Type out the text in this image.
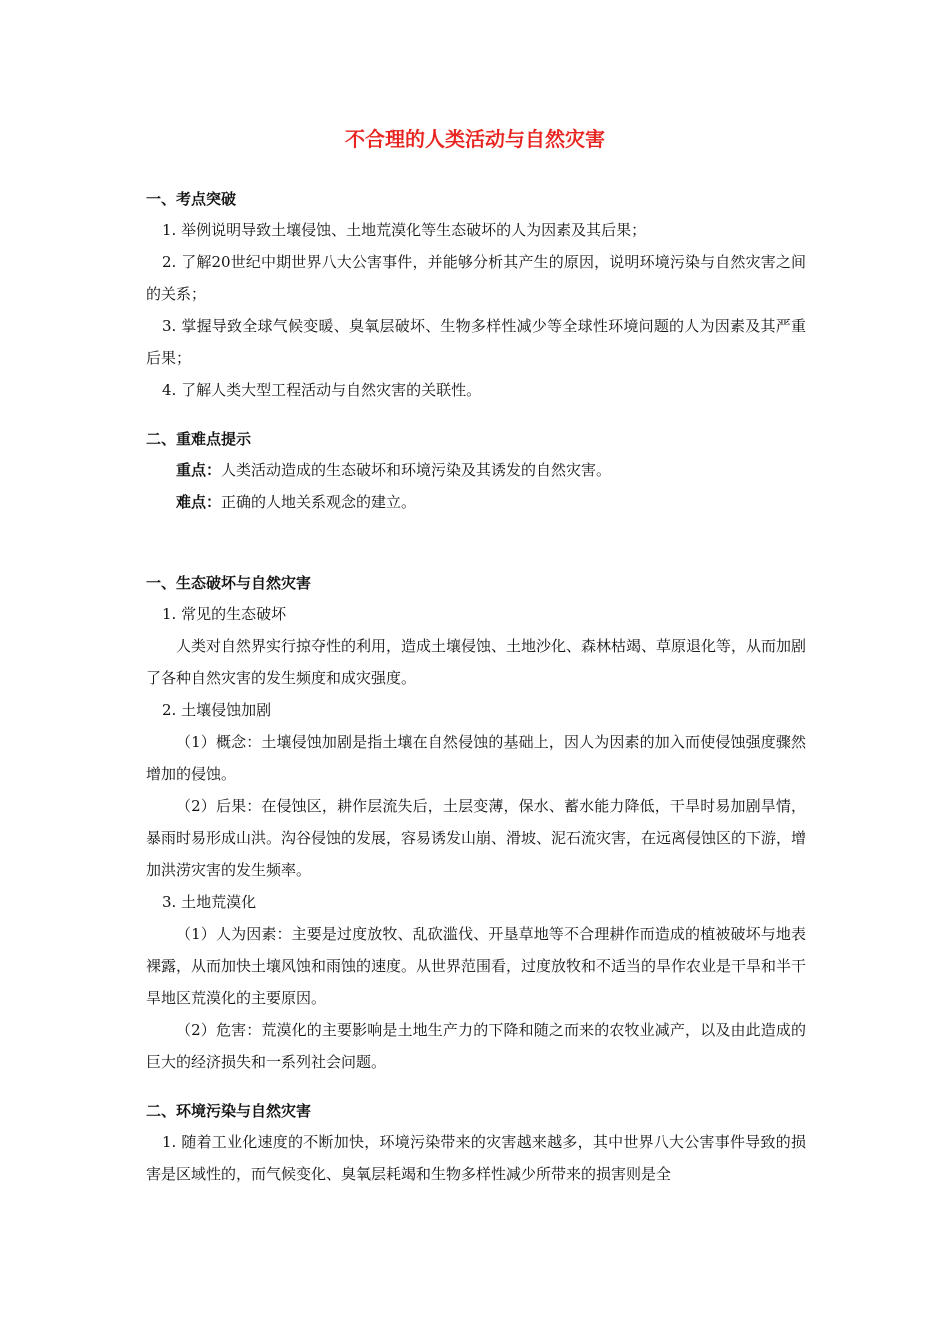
不合理的人类活动与自然灾害
一、考点突破

1. 举例说明导致土壤侵蚀、土地荒漠化等生态破坏的人为因素及其后果；

2. 了解20世纪中期世界八大公害事件，并能够分析其产生的原因，说明环境污染与自然灾害之间的关系；

3. 掌握导致全球气候变暖、臭氧层破坏、生物多样性减少等全球性环境问题的人为因素及其严重后果；

4. 了解人类大型工程活动与自然灾害的关联性。

二、重难点提示

重点：人类活动造成的生态破坏和环境污染及其诱发的自然灾害。

难点：正确的人地关系观念的建立。

一、生态破坏与自然灾害

1. 常见的生态破坏

人类对自然界实行掠夺性的利用，造成土壤侵蚀、土地沙化、森林枯竭、草原退化等，从而加剧了各种自然灾害的发生频度和成灾强度。

2. 土壤侵蚀加剧

（1）概念：土壤侵蚀加剧是指土壤在自然侵蚀的基础上，因人为因素的加入而使侵蚀强度骤然增加的侵蚀。

（2）后果：在侵蚀区，耕作层流失后，土层变薄，保水、蓄水能力降低，干旱时易加剧旱情，暴雨时易形成山洪。沟谷侵蚀的发展，容易诱发山崩、滑坡、泥石流灾害，在远离侵蚀区的下游，增加洪涝灾害的发生频率。

3. 土地荒漠化

（1）人为因素：主要是过度放牧、乱砍滥伐、开垦草地等不合理耕作而造成的植被破坏与地表裸露，从而加快土壤风蚀和雨蚀的速度。从世界范围看，过度放牧和不适当的旱作农业是干旱和半干旱地区荒漠化的主要原因。

（2）危害：荒漠化的主要影响是土地生产力的下降和随之而来的农牧业减产，以及由此造成的巨大的经济损失和一系列社会问题。

二、环境污染与自然灾害

1. 随着工业化速度的不断加快，环境污染带来的灾害越来越多，其中世界八大公害事件导致的损害是区域性的，而气候变化、臭氧层耗竭和生物多样性减少所带来的损害则是全
